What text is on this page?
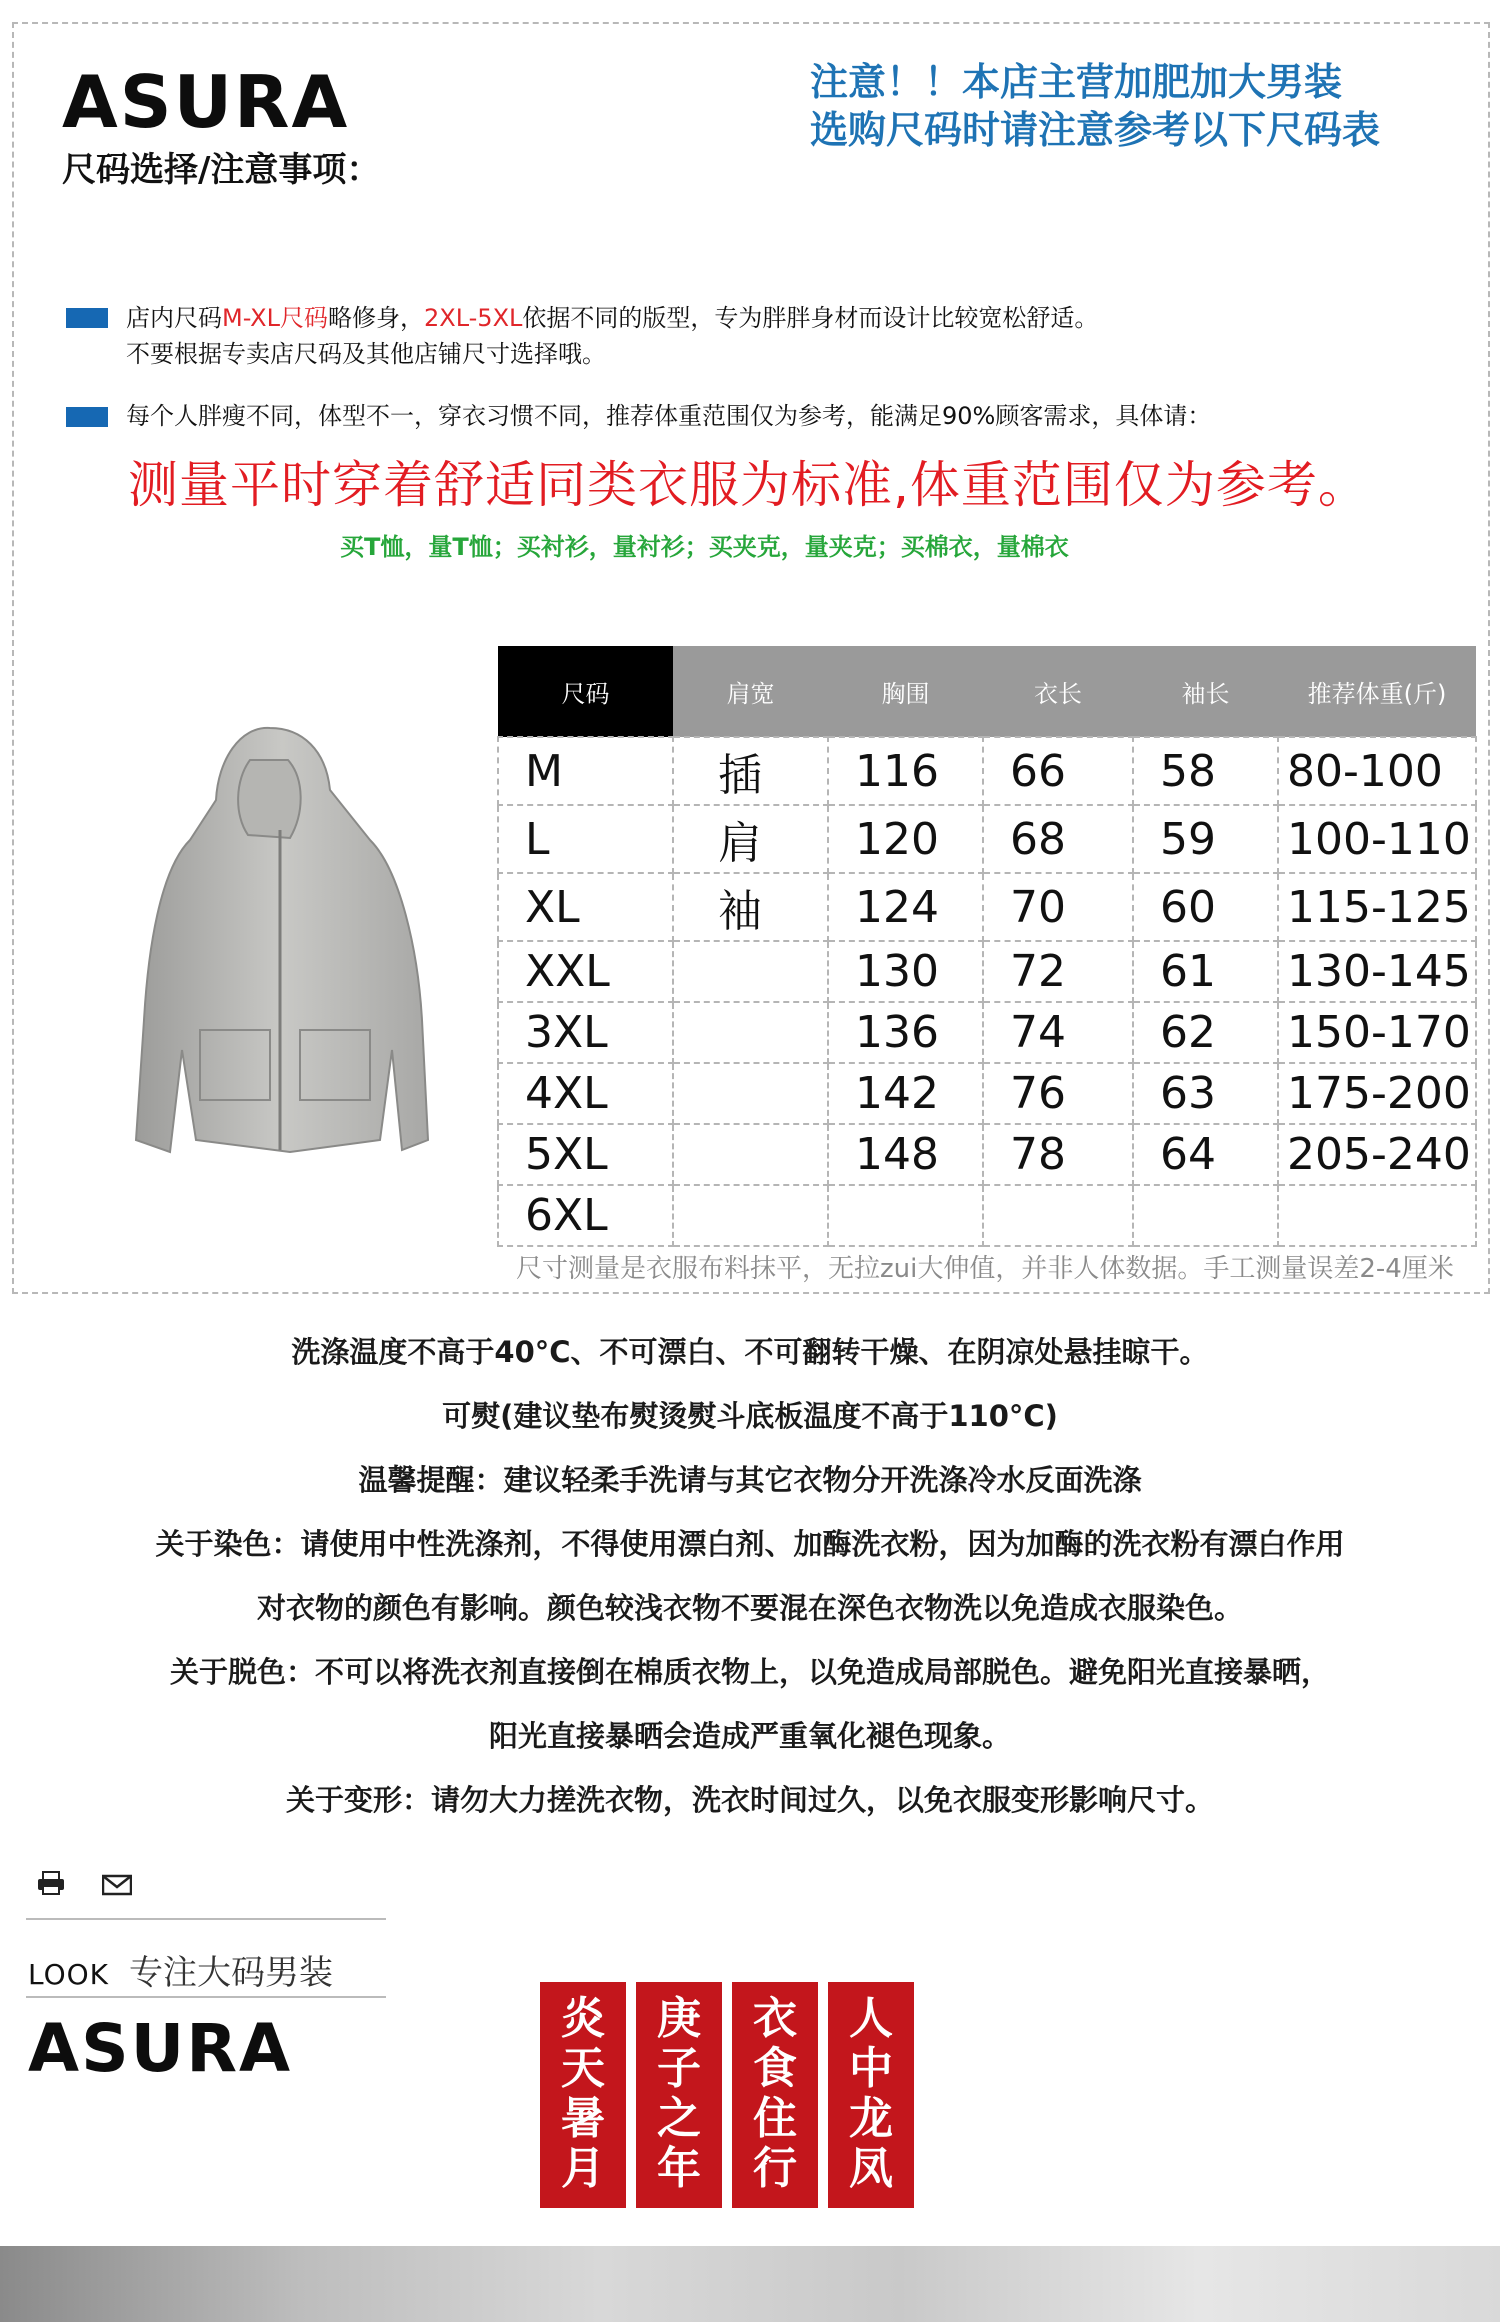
ASURA
尺码选择/注意事项：
注意！！本店主营加肥加大男装
选购尺码时请注意参考以下尺码表
店内尺码M-XL尺码略修身，2XL-5XL依据不同的版型，专为胖胖身材而设计比较宽松舒适。
不要根据专卖店尺码及其他店铺尺寸选择哦。
每个人胖瘦不同，体型不一，穿衣习惯不同，推荐体重范围仅为参考，能满足90%顾客需求，具体请：
测量平时穿着舒适同类衣服为标准,体重范围仅为参考。
买T恤，量T恤；买衬衫，量衬衫；买夹克，量夹克；买棉衣，量棉衣
尺码	肩宽	胸围	衣长	袖长	推荐体重(斤)
M	插	116	66	58	80-100
L	肩	120	68	59	100-110
XL	袖	124	70	60	115-125
XXL		130	72	61	130-145
3XL		136	74	62	150-170
4XL		142	76	63	175-200
5XL		148	78	64	205-240
6XL					
尺寸测量是衣服布料抹平，无拉zui大伸值，并非人体数据。手工测量误差2-4厘米
洗涤温度不高于40°C、不可漂白、不可翻转干燥、在阴凉处悬挂晾干。
可熨(建议垫布熨烫熨斗底板温度不高于110°C)
温馨提醒：建议轻柔手洗请与其它衣物分开洗涤冷水反面洗涤
关于染色：请使用中性洗涤剂，不得使用漂白剂、加酶洗衣粉，因为加酶的洗衣粉有漂白作用
对衣物的颜色有影响。颜色较浅衣物不要混在深色衣物洗以免造成衣服染色。
关于脱色：不可以将洗衣剂直接倒在棉质衣物上，以免造成局部脱色。避免阳光直接暴晒，
阳光直接暴晒会造成严重氧化褪色现象。
关于变形：请勿大力搓洗衣物，洗衣时间过久，以免衣服变形影响尺寸。

LOOK 专注大码男装
ASURA	炎
天
暑
月
庚
子
之
年
衣
食
住
行
人
中
龙
凤
